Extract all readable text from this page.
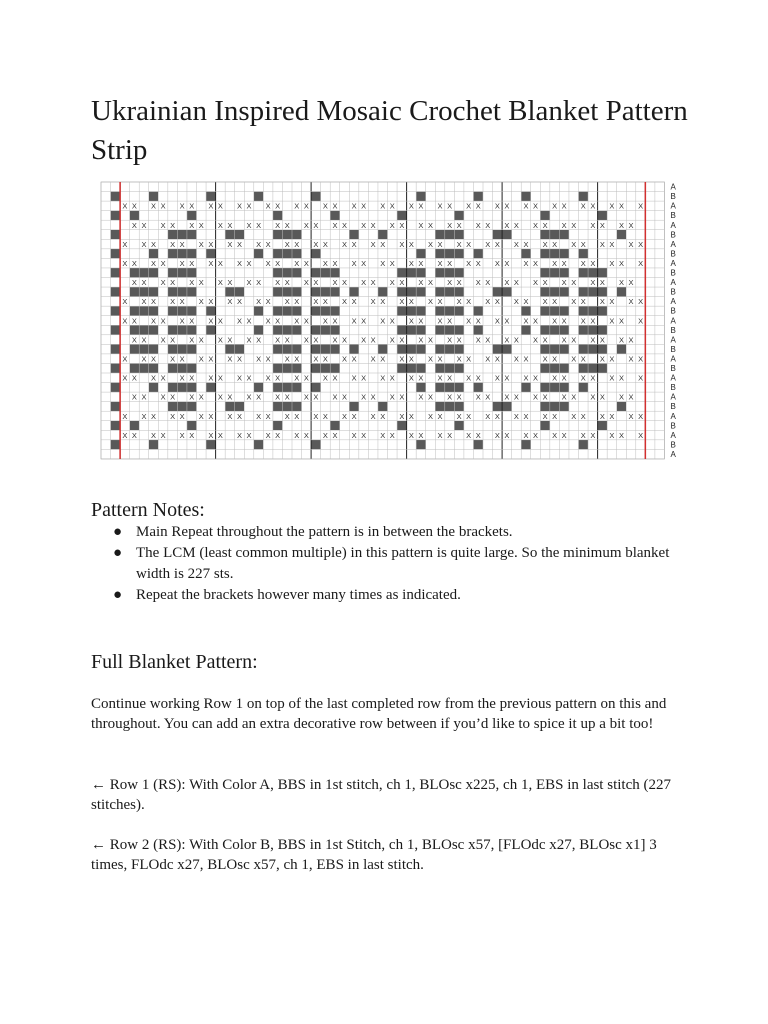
Ukrainian Inspired Mosaic Crochet Blanket Pattern Strip
X X X X X X X X X X X X X X X X X X X X X X X X X X X X X X X X X X X X X
X X X X X X X X X X X X X X X X X X X X X X X X X X X X X X X X X X X X
X X X X X X X X X X X X X X X X X X X X X X X X X X X X X X X X X X X X X
X X X X X X X X X X X X X X X X X X X X X X X X X X X X X X X X X X X X X
X X X X X X X X X X X X X X X X X X X X X X X X X X X X X X X X X X X X
X X X X X X X X X X X X X X X X X X X X X X X X X X X X X X X X X X X X X
X X X X X X X X X X X X X X X X X X X X X X X X X X X X X X X X X X X X X
X X X X X X X X X X X X X X X X X X X X X X X X X X X X X X X X X X X X
X X X X X X X X X X X X X X X X X X X X X X X X X X X X X X X X X X X X X
X X X X X X X X X X X X X X X X X X X X X X X X X X X X X X X X X X X X X
X X X X X X X X X X X X X X X X X X X X X X X X X X X X X X X X X X X X
X X X X X X X X X X X X X X X X X X X X X X X X X X X X X X X X X X X X X
X X X X X X X X X X X X X X X X X X X X X X X X X X X X X X X X X X X X X
A
B
A
B
A
B
A
B
A
B
A
B
A
B
A
B
A
B
A
B
A
B
A
B
A
B
A
B
A
Pattern Notes:
● Main Repeat throughout the pattern is in between the brackets.
● The LCM (least common multiple) in this pattern is quite large. So the minimum blanket width is 227 sts.
● Repeat the brackets however many times as indicated.
Full Blanket Pattern:

Continue working Row 1 on top of the last completed row from the previous pattern on this and throughout. You can add an extra decorative row between if you’d like to spice it up a bit too!

← Row 1 (RS): With Color A, BBS in 1st stitch, ch 1, BLOsc x225, ch 1, EBS in last stitch (227 stitches).

← Row 2 (RS): With Color B, BBS in 1st Stitch, ch 1, BLOsc x57, [FLOdc x27, BLOsc x1] 3 times, FLOdc x27, BLOsc x57, ch 1, EBS in last stitch.
